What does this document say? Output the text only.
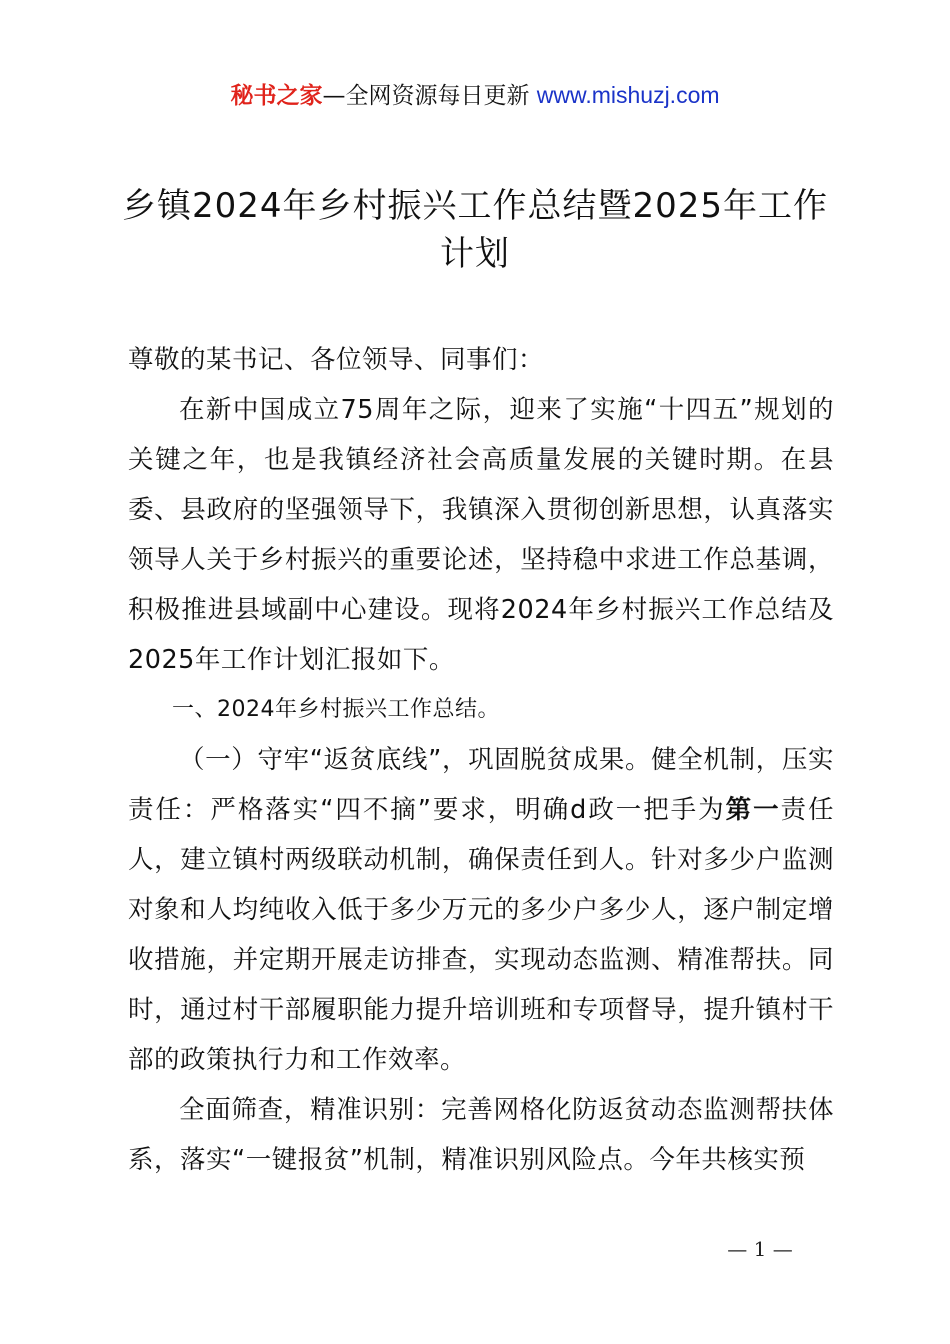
秘书之家—全网资源每日更新 www.mishuzj.com
乡镇2024年乡村振兴工作总结暨2025年工作
计划

尊敬的某书记、各位领导、同事们：

在新中国成立75周年之际，迎来了实施“十四五”规划的关键之年，也是我镇经济社会高质量发展的关键时期。在县委、县政府的坚强领导下，我镇深入贯彻创新思想，认真落实领导人关于乡村振兴的重要论述，坚持稳中求进工作总基调，积极推进县域副中心建设。现将2024年乡村振兴工作总结及2025年工作计划汇报如下。

一、2024年乡村振兴工作总结。

（一）守牢“返贫底线”，巩固脱贫成果。健全机制，压实责任：严格落实“四不摘”要求，明确d政一把手为第一责任人，建立镇村两级联动机制，确保责任到人。针对多少户监测对象和人均纯收入低于多少万元的多少户多少人，逐户制定增收措施，并定期开展走访排查，实现动态监测、精准帮扶。同时，通过村干部履职能力提升培训班和专项督导，提升镇村干部的政策执行力和工作效率。

全面筛查，精准识别：完善网格化防返贫动态监测帮扶体系，落实“一键报贫”机制，精准识别风险点。今年共核实预

— 1 —
